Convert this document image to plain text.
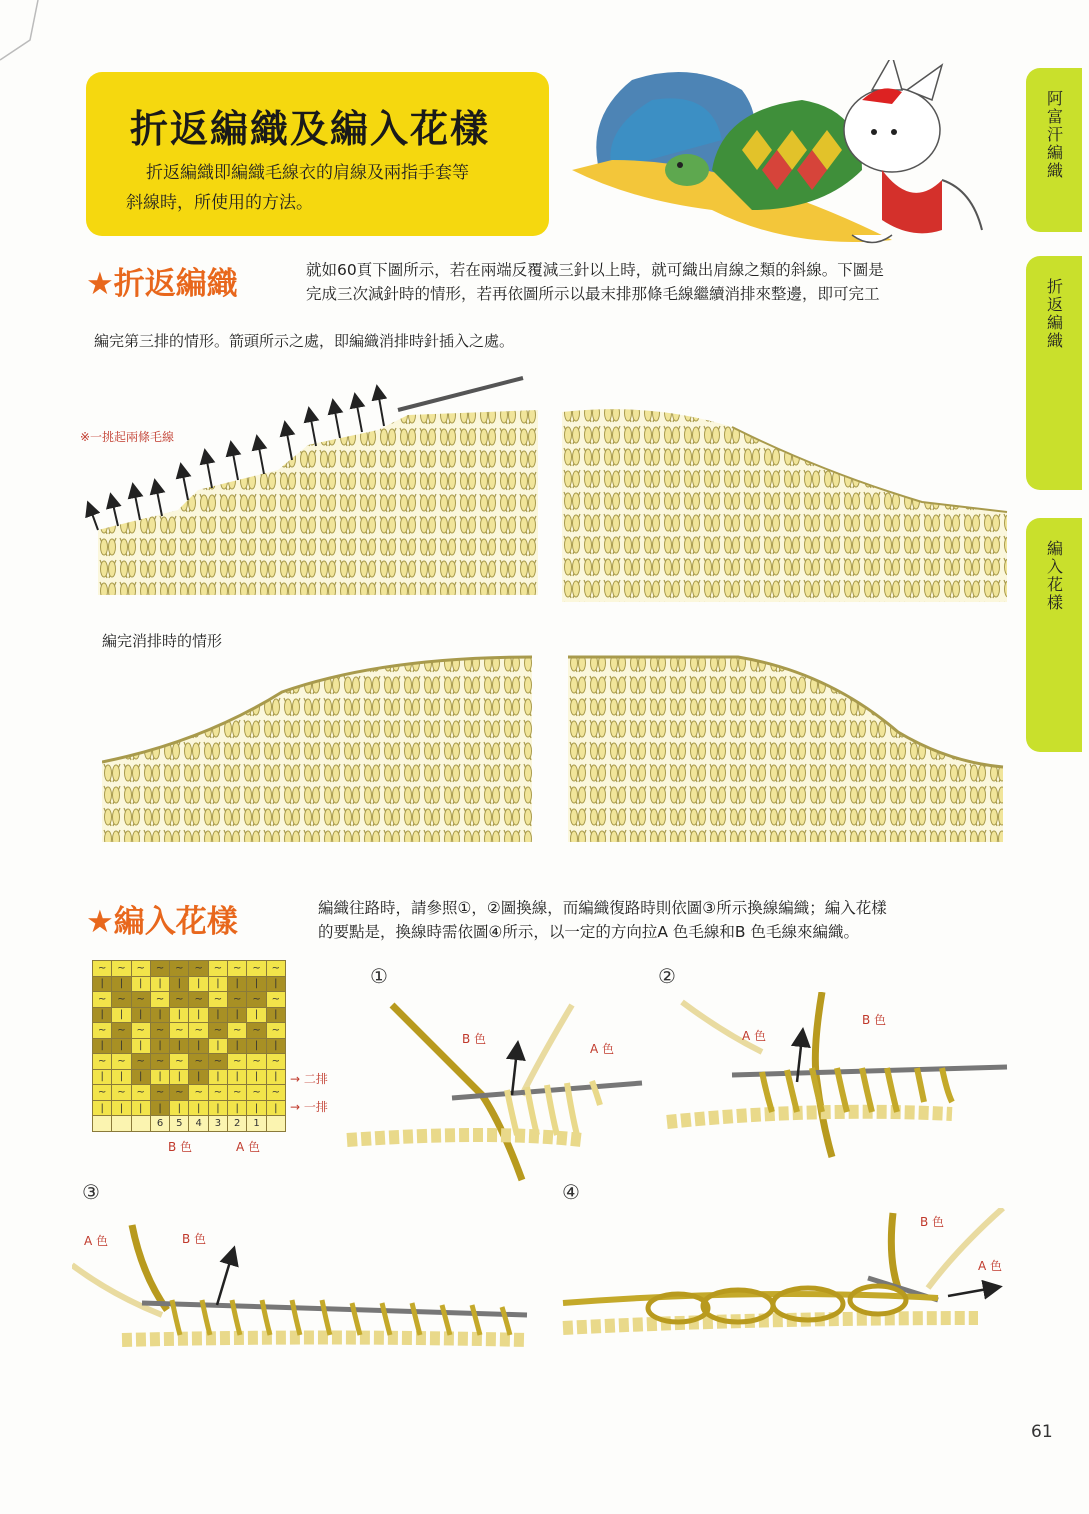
折返編織及編入花樣
折返編織即編織毛線衣的肩線及兩指手套等
斜線時，所使用的方法。
阿富汗編織
折返編織
編入花樣
★折返編織	就如60頁下圖所示，若在兩端反覆減三針以上時，就可織出肩線之類的斜線。下圖是
完成三次減針時的情形，若再依圖所示以最末排那條毛線繼續消排來整邊，即可完工
編完第三排的情形。箭頭所示之處，即編織消排時針插入之處。
※一挑起兩條毛線
編完消排時的情形
★編入花樣	編織往路時，請參照①，②圖換線，而編織復路時則依圖③所示換線編織；編入花樣
的要點是，換線時需依圖④所示，以一定的方向拉A 色毛線和B 色毛線來編織。
~	~	~	~	~	~	~	~	~	~
|	|	|	|	|	|	|	|	|	|
~	~	~	~	~	~	~	~	~	~
|	|	|	|	|	|	|	|	|	|
~	~	~	~	~	~	~	~	~	~
|	|	|	|	|	|	|	|	|	|
~	~	~	~	~	~	~	~	~	~
|	|	|	|	|	|	|	|	|	|
~	~	~	~	~	~	~	~	~	~
|	|	|	|	|	|	|	|	|	|
			6	5	4	3	2	1	
→ 二排
→ 一排
B 色	A 色
①	②
③	④
B 色
A 色
A 色
B 色
A 色	B 色
B 色
A 色
61
